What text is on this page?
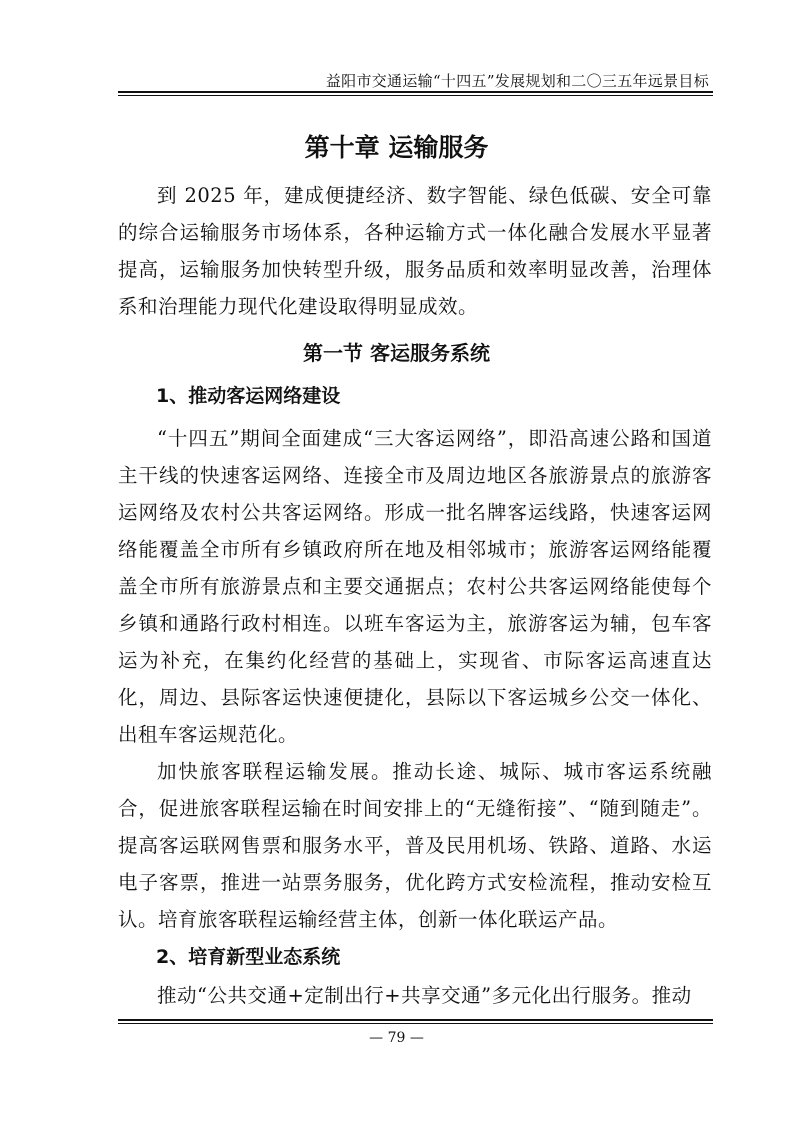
益阳市交通运输“十四五”发展规划和二〇三五年远景目标
第十章 运输服务

到 2025 年，建成便捷经济、数字智能、绿色低碳、安全可靠的综合运输服务市场体系，各种运输方式一体化融合发展水平显著提高，运输服务加快转型升级，服务品质和效率明显改善，治理体系和治理能力现代化建设取得明显成效。

第一节 客运服务系统
1、推动客运网络建设

“十四五”期间全面建成“三大客运网络”，即沿高速公路和国道主干线的快速客运网络、连接全市及周边地区各旅游景点的旅游客运网络及农村公共客运网络。形成一批名牌客运线路，快速客运网络能覆盖全市所有乡镇政府所在地及相邻城市；旅游客运网络能覆盖全市所有旅游景点和主要交通据点；农村公共客运网络能使每个乡镇和通路行政村相连。以班车客运为主，旅游客运为辅，包车客运为补充，在集约化经营的基础上，实现省、市际客运高速直达化，周边、县际客运快速便捷化，县际以下客运城乡公交一体化、出租车客运规范化。

加快旅客联程运输发展。推动长途、城际、城市客运系统融合，促进旅客联程运输在时间安排上的“无缝衔接”、“随到随走”。提高客运联网售票和服务水平，普及民用机场、铁路、道路、水运电子客票，推进一站票务服务，优化跨方式安检流程，推动安检互认。培育旅客联程运输经营主体，创新一体化联运产品。

2、培育新型业态系统

推动“公共交通+定制出行+共享交通”多元化出行服务。推动

— 79 —
